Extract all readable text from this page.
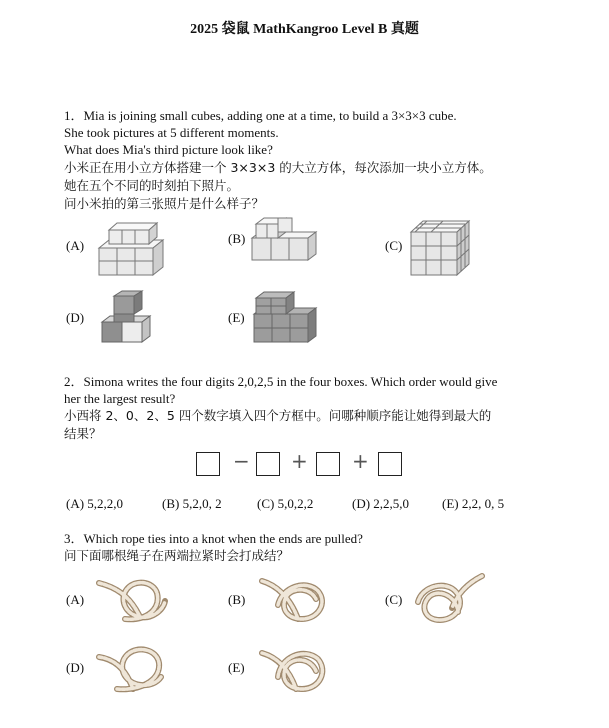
2025 袋鼠 MathKangroo Level B 真题
1．Mia is joining small cubes, adding one at a time, to build a 3×3×3 cube.
She took pictures at 5 different moments.
What does Mia's third picture look like?
小米正在用小立方体搭建一个 3×3×3 的大立方体，每次添加一块小立方体。
她在五个不同的时刻拍下照片。
问小米拍的第三张照片是什么样子？
(A)	(B)	(C)
(D)	(E)
2．Simona writes the four digits 2,0,2,5 in the four boxes. Which order would give
her the largest result?
小西将 2、0、2、5 四个数字填入四个方框中。问哪种顺序能让她得到最大的
结果？
− + +
(A) 5,2,2,0	(B) 5,2,0, 2	(C) 5,0,2,2	(D) 2,2,5,0	(E) 2,2, 0, 5
3．Which rope ties into a knot when the ends are pulled?
问下面哪根绳子在两端拉紧时会打成结？
(A)	(B)	(C)
(D)	(E)
